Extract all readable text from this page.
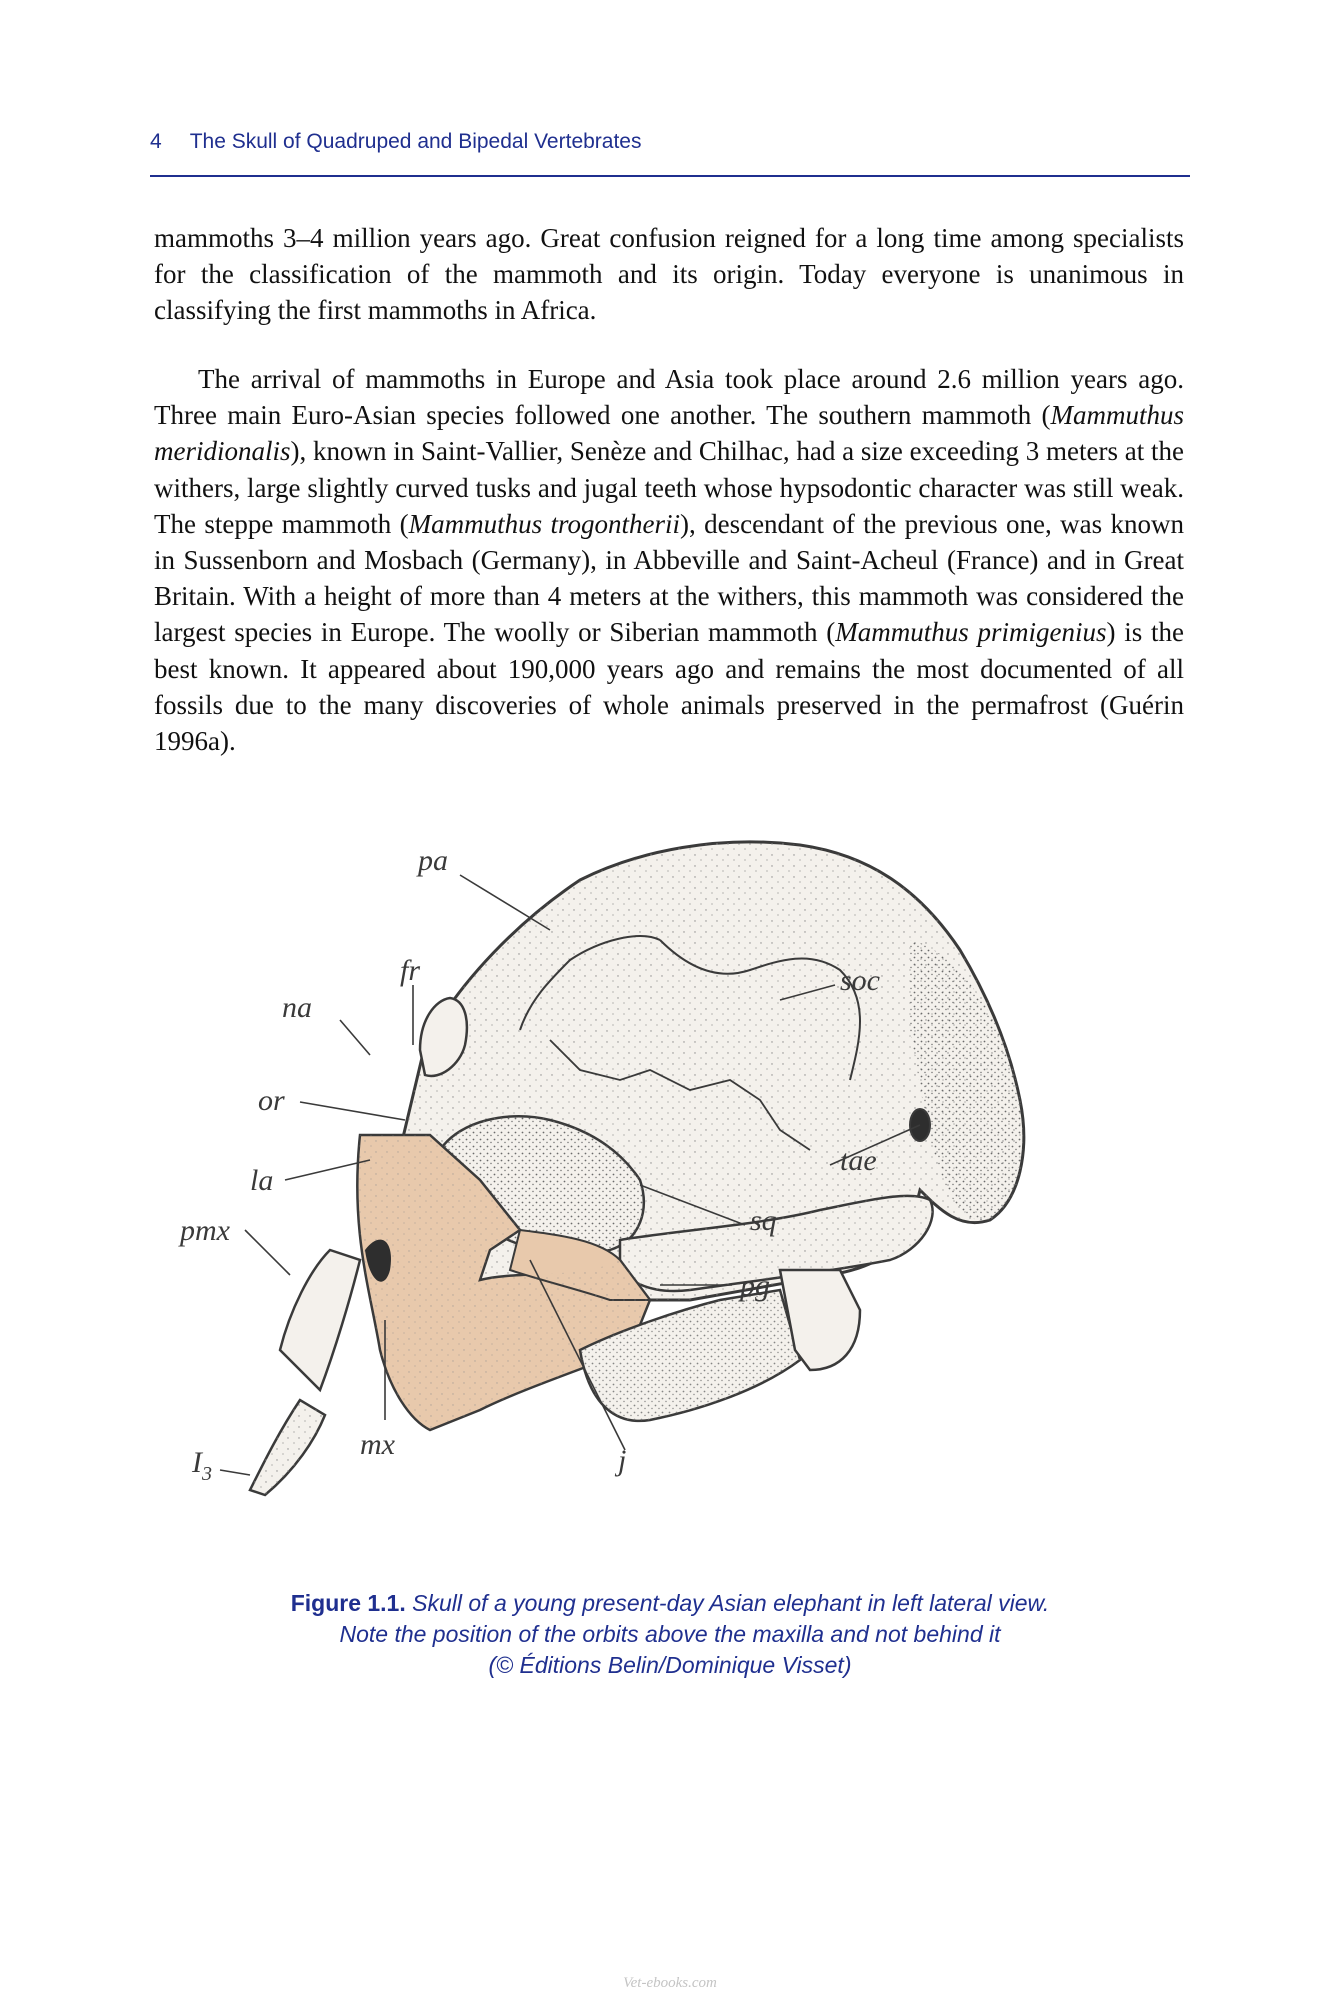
4 The Skull of Quadruped and Bipedal Vertebrates

mammoths 3–4 million years ago. Great confusion reigned for a long time among specialists for the classification of the mammoth and its origin. Today everyone is unanimous in classifying the first mammoths in Africa.

The arrival of mammoths in Europe and Asia took place around 2.6 million years ago. Three main Euro-Asian species followed one another. The southern mammoth (Mammuthus meridionalis), known in Saint-Vallier, Senèze and Chilhac, had a size exceeding 3 meters at the withers, large slightly curved tusks and jugal teeth whose hypsodontic character was still weak. The steppe mammoth (Mammuthus trogontherii), descendant of the previous one, was known in Sussenborn and Mosbach (Germany), in Abbeville and Saint-Acheul (France) and in Great Britain. With a height of more than 4 meters at the withers, this mammoth was considered the largest species in Europe. The woolly or Siberian mammoth (Mammuthus primigenius) is the best known. It appeared about 190,000 years ago and remains the most documented of all fossils due to the many discoveries of whole animals preserved in the permafrost (Guérin 1996a).

pa
fr	soc
na
or
la
tae
sq
pmx
pg
$I_3$
mx	j
Figure 1.1. Skull of a young present-day Asian elephant in left lateral view.
Note the position of the orbits above the maxilla and not behind it
(© Éditions Belin/Dominique Visset)
Vet-ebooks.com
